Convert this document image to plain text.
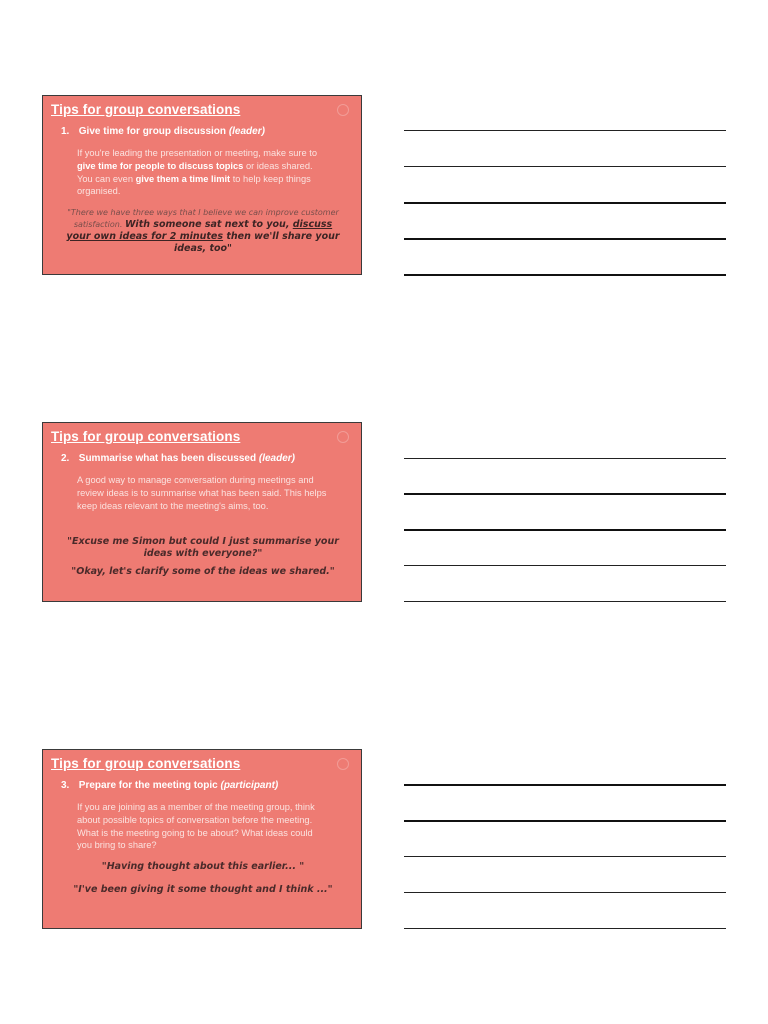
Tips for group conversations
1. Give time for group discussion (leader)
If you're leading the presentation or meeting, make sure to give time for people to discuss topics or ideas shared. You can even give them a time limit to help keep things organised.
"There we have three ways that I believe we can improve customer satisfaction. With someone sat next to you, discuss your own ideas for 2 minutes then we'll share your ideas, too"
Tips for group conversations
2. Summarise what has been discussed (leader)
A good way to manage conversation during meetings and review ideas is to summarise what has been said. This helps keep ideas relevant to the meeting's aims, too.
"Excuse me Simon but could I just summarise your ideas with everyone?"
"Okay, let's clarify some of the ideas we shared."
Tips for group conversations
3. Prepare for the meeting topic (participant)
If you are joining as a member of the meeting group, think about possible topics of conversation before the meeting. What is the meeting going to be about? What ideas could you bring to share?
"Having thought about this earlier... "
"I've been giving it some thought and I think ..."
